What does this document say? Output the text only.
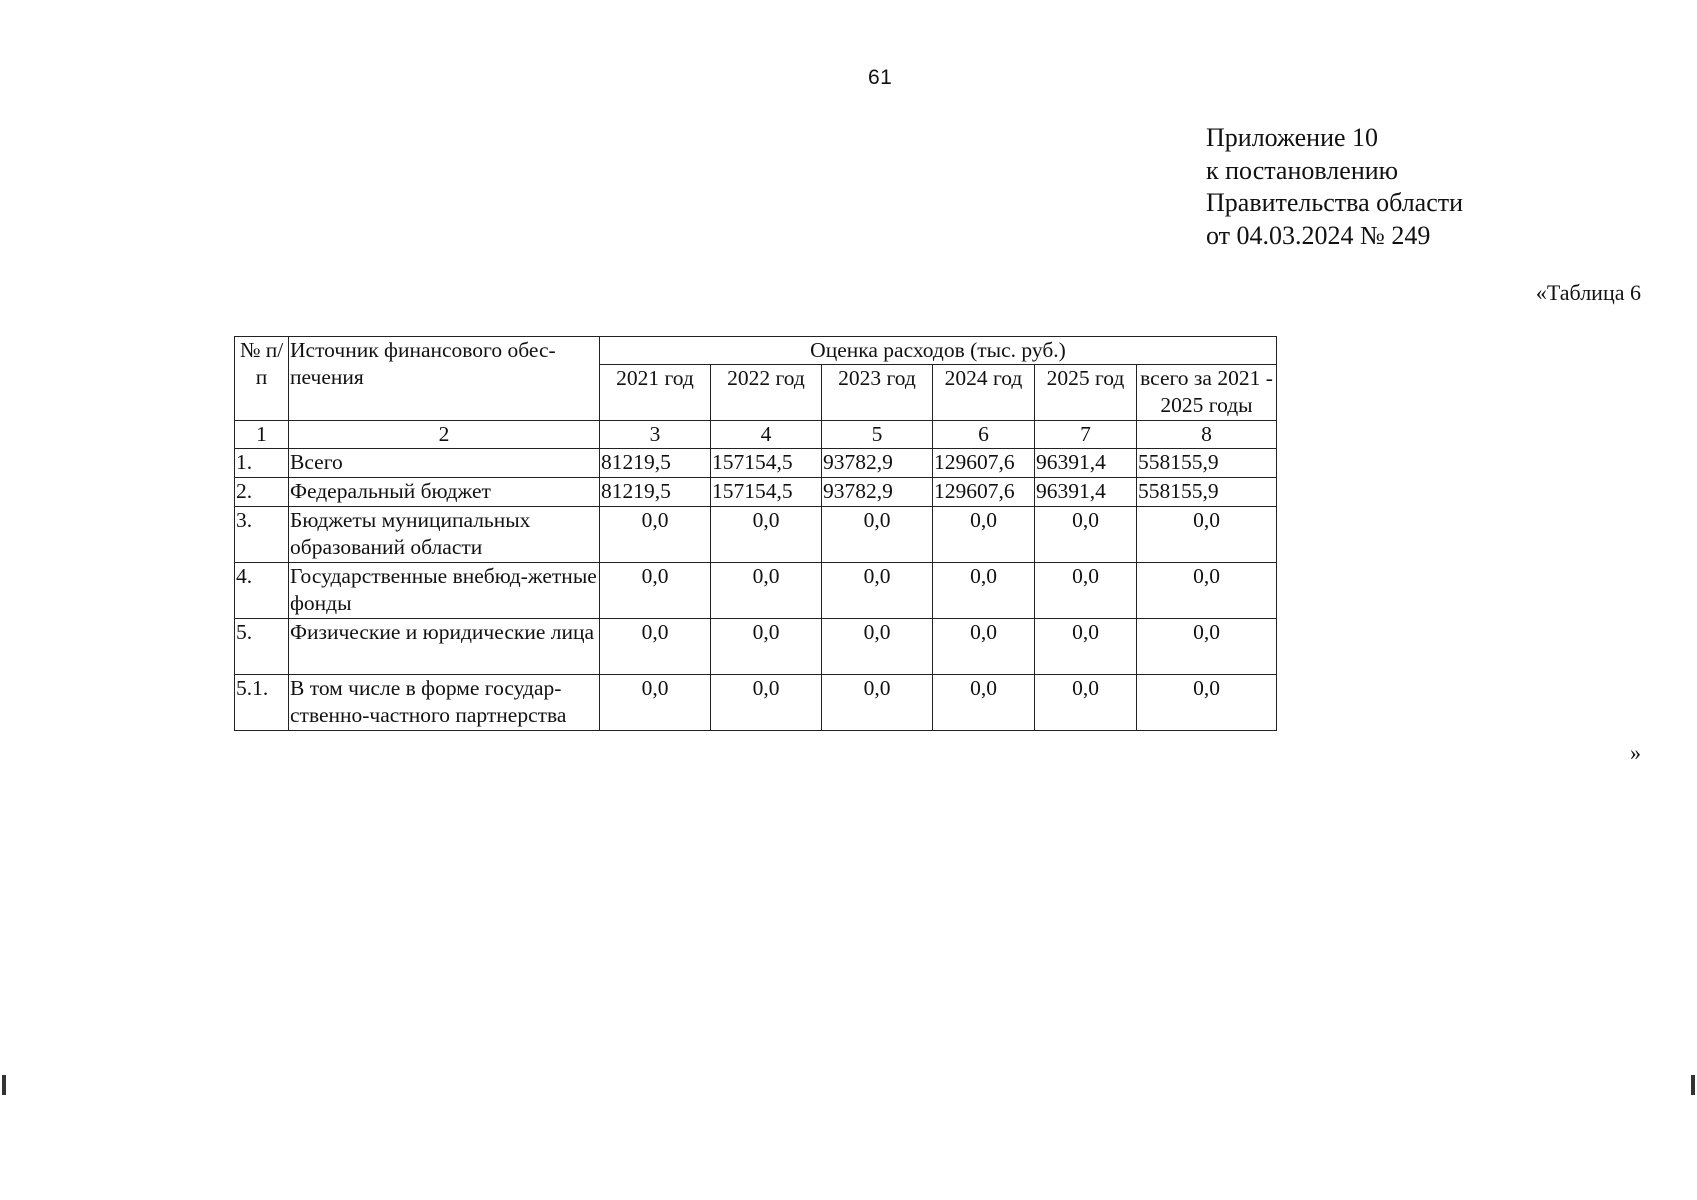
61
Приложение 10
к постановлению
Правительства области
от 04.03.2024 № 249
«Таблица 6
№ п/п	Источник финансового обес-печения	Оценка расходов (тыс. руб.)					
		2021 год	2022 год	2023 год	2024 год	2025 год	всего за 2021 - 2025 годы
1	2	3	4	5	6	7	8
1.	Всего	81219,5	157154,5	93782,9	129607,6	96391,4	558155,9
2.	Федеральный бюджет	81219,5	157154,5	93782,9	129607,6	96391,4	558155,9
3.	Бюджеты муниципальных образований области	0,0	0,0	0,0	0,0	0,0	0,0
4.	Государственные внебюд-жетные фонды	0,0	0,0	0,0	0,0	0,0	0,0
5.	Физические и юридические лица	0,0	0,0	0,0	0,0	0,0	0,0
5.1.	В том числе в форме государ-ственно-частного партнерства	0,0	0,0	0,0	0,0	0,0	0,0
»
